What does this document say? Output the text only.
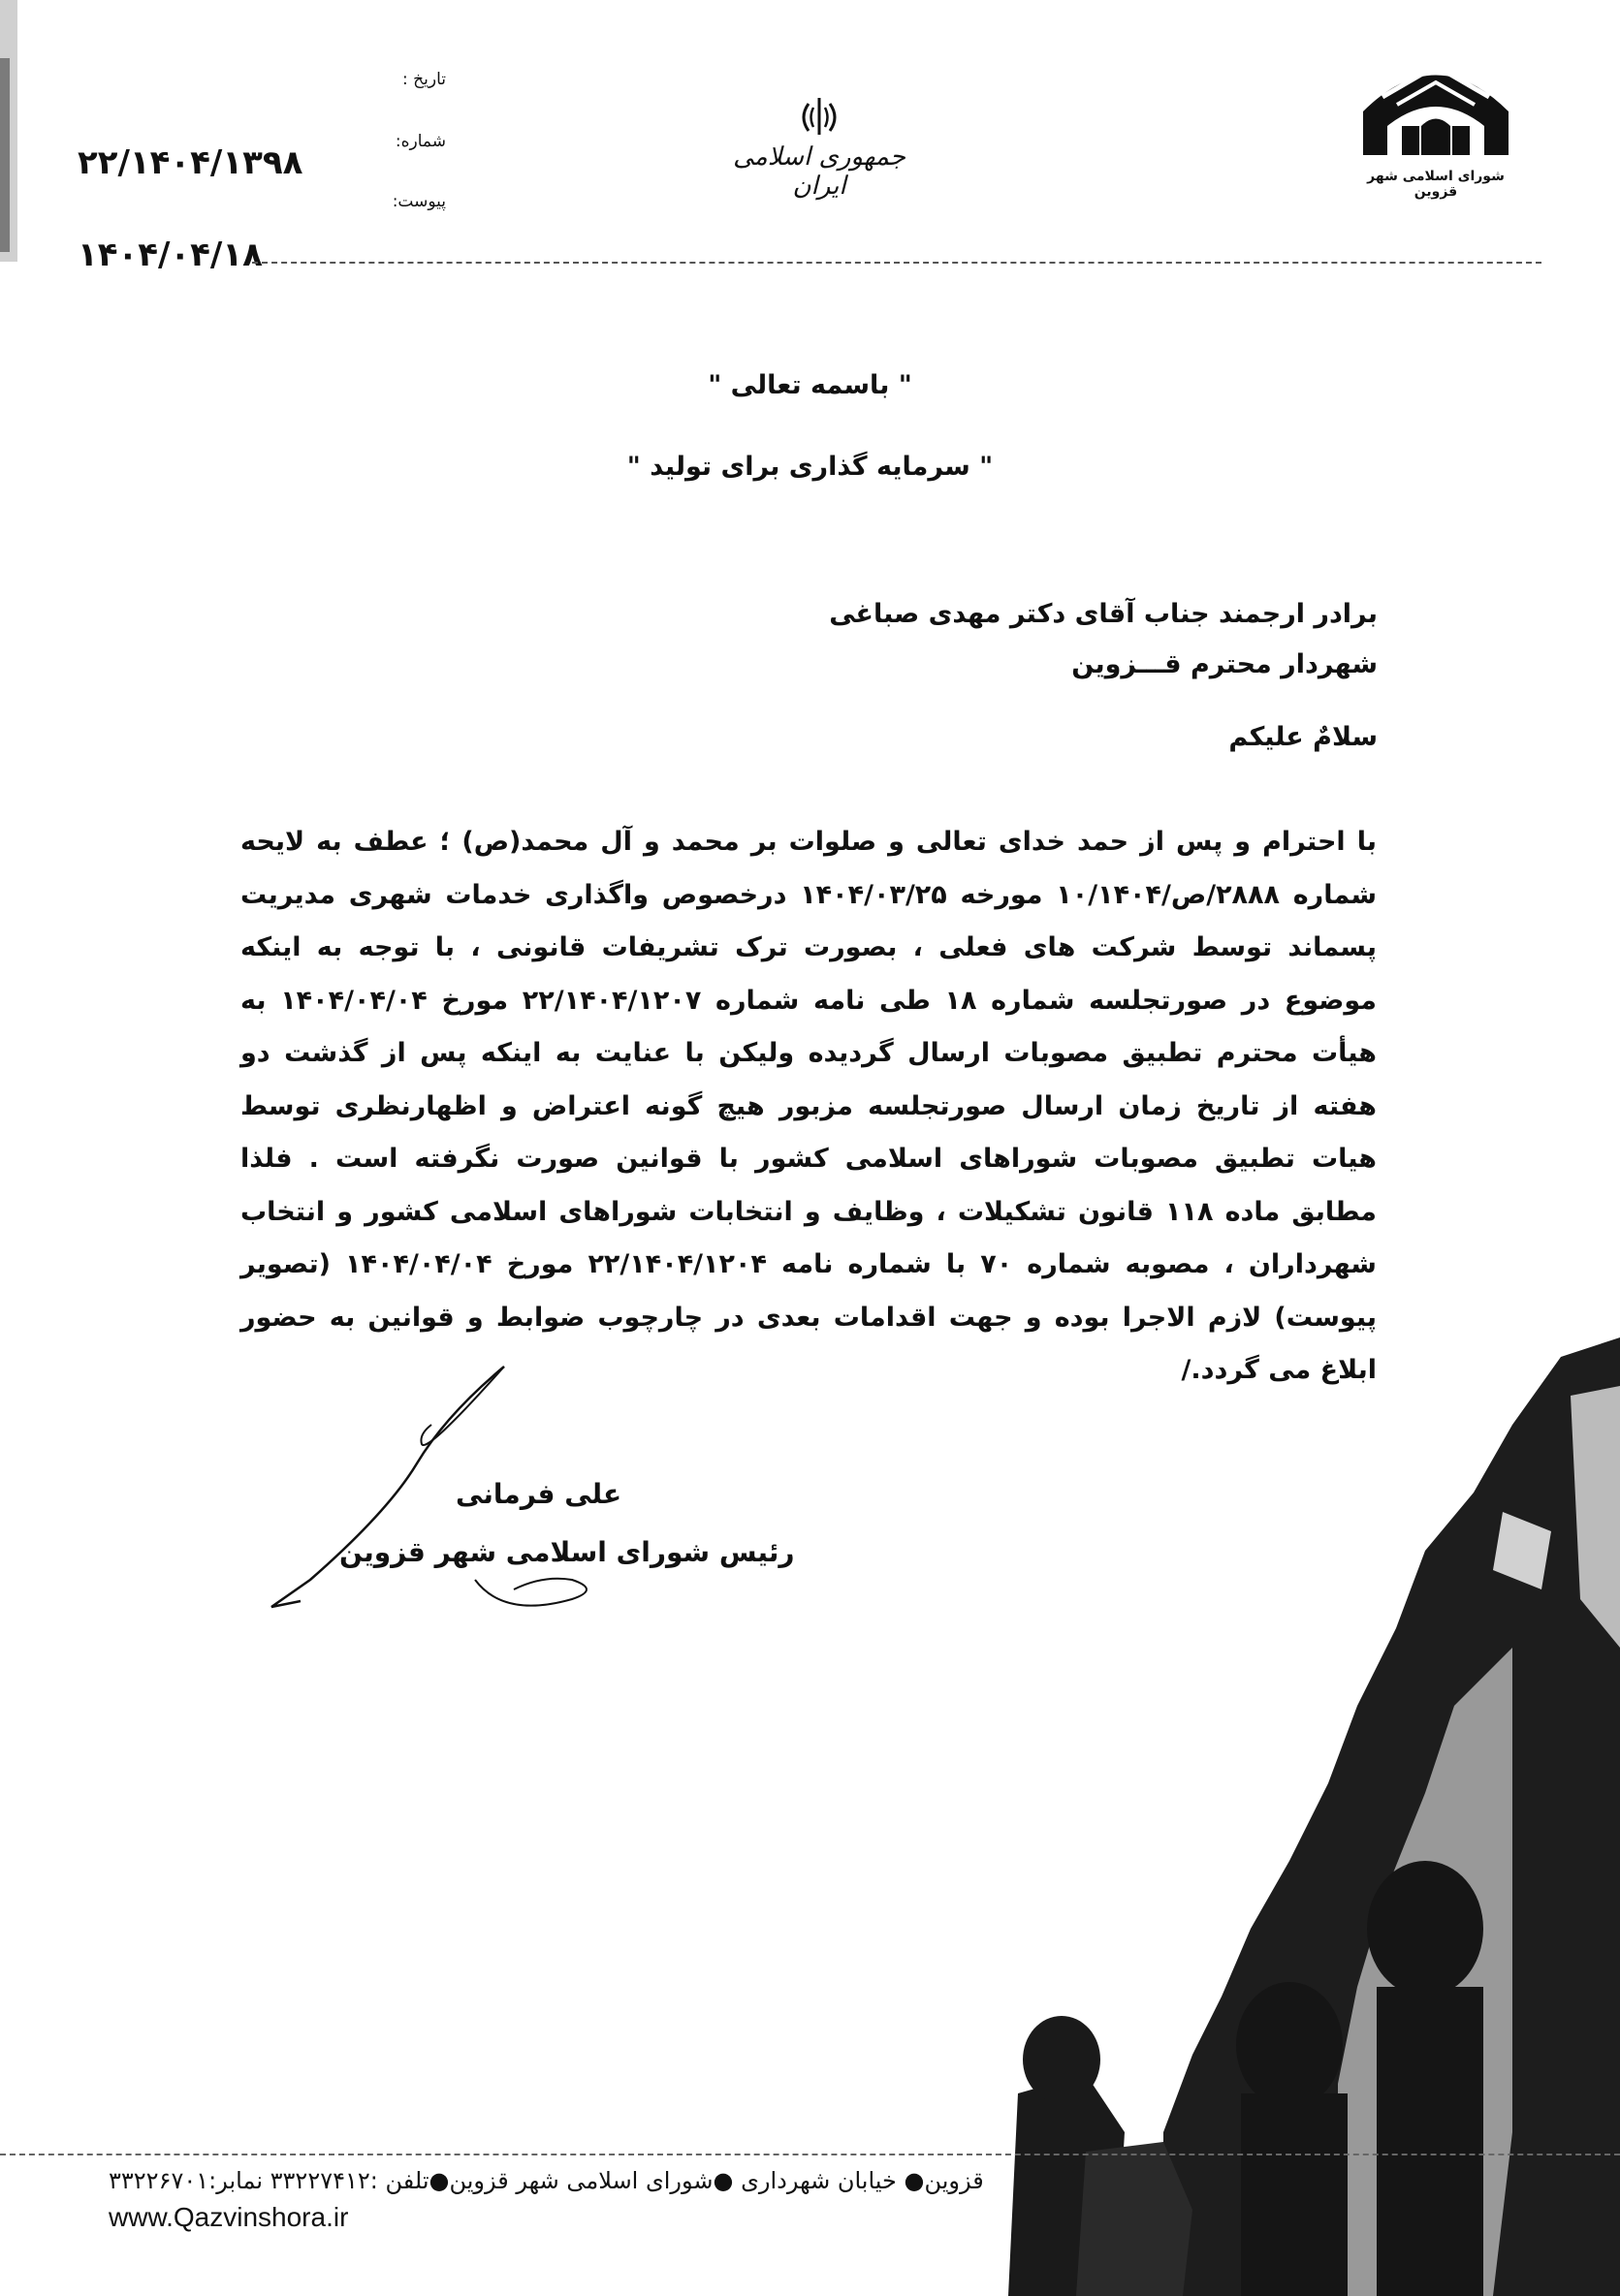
شورای اسلامی شهر قزوین
جمهوری اسلامی ایران
تاریخ :
شماره:
پیوست:
۲۲/۱۴۰۴/۱۳۹۸
۱۴۰۴/۰۴/۱۸
" باسمه تعالی "
" سرمایه گذاری برای تولید "
برادر ارجمند جناب آقای دکتر مهدی صباغی
شهردار محترم قـــزوین
سلامٌ علیکم
با احترام و پس از حمد خدای تعالی و صلوات بر محمد و آل محمد(ص) ؛ عطف به لایحه شماره ۲۸۸۸/ص/۱۰/۱۴۰۴ مورخه ۱۴۰۴/۰۳/۲۵ درخصوص واگذاری خدمات شهری مدیریت پسماند توسط شرکت های فعلی ، بصورت ترک تشریفات قانونی ، با توجه به اینکه موضوع در صورتجلسه شماره ۱۸ طی نامه شماره ۲۲/۱۴۰۴/۱۲۰۷ مورخ ۱۴۰۴/۰۴/۰۴ به هیأت محترم تطبیق مصوبات ارسال گردیده ولیکن با عنایت به اینکه پس از گذشت دو هفته از تاریخ زمان ارسال صورتجلسه مزبور هیچ گونه اعتراض و اظهارنظری توسط هیات تطبیق مصوبات شوراهای اسلامی کشور با قوانین صورت نگرفته است . فلذا مطابق ماده ۱۱۸ قانون تشکیلات ، وظایف و انتخابات شوراهای اسلامی کشور و انتخاب شهرداران ، مصوبه شماره ۷۰ با شماره نامه ۲۲/۱۴۰۴/۱۲۰۴ مورخ ۱۴۰۴/۰۴/۰۴ (تصویر پیوست) لازم الاجرا بوده و جهت اقدامات بعدی در چارچوب ضوابط و قوانین به حضور ابلاغ می گردد./
علی فرمانی
رئیس شورای اسلامی شهر قزوین
قزوین● خیابان شهرداری ●شورای اسلامی شهر قزوین●تلفن :۳۳۲۲۷۴۱۲ نمابر:۳۳۲۲۶۷۰۱
www.Qazvinshora.ir
